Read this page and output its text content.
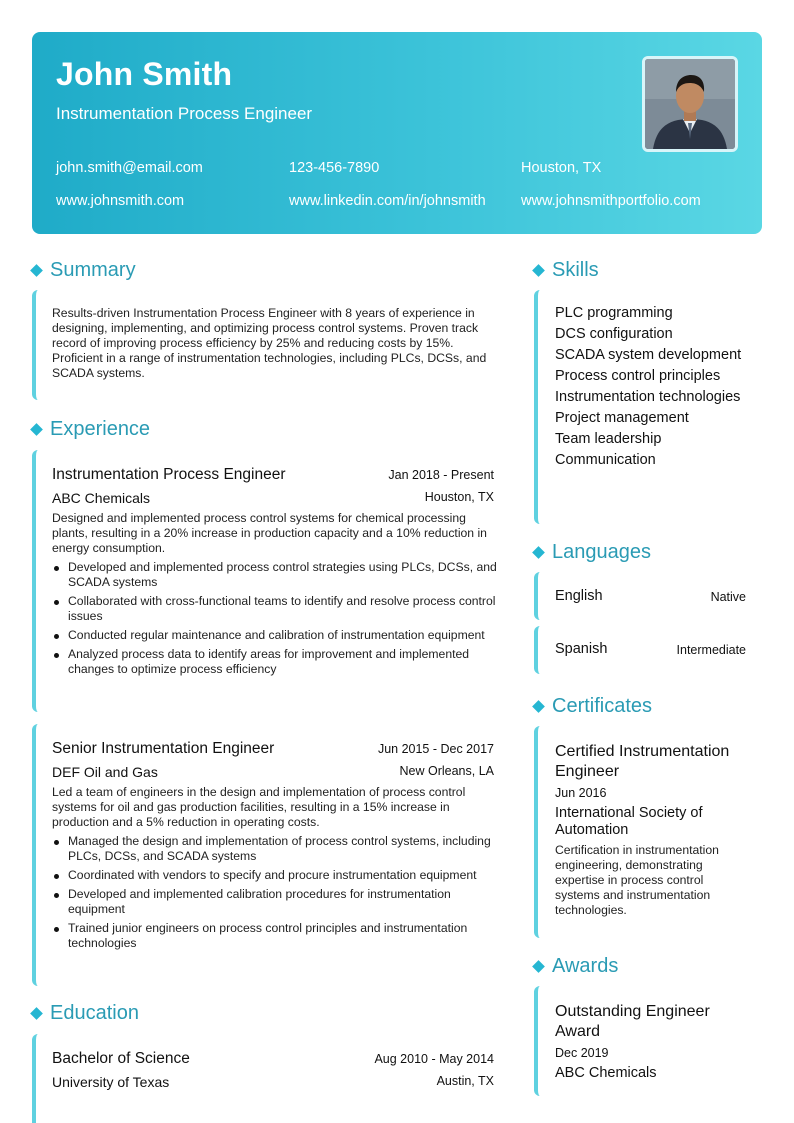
John Smith
Instrumentation Process Engineer
john.smith@email.com	123-456-7890	Houston, TX
www.johnsmith.com	www.linkedin.com/in/johnsmith www.johnsmithportfolio.com
Summary
Results-driven Instrumentation Process Engineer with 8 years of experience in designing, implementing, and optimizing process control systems. Proven track record of improving process efficiency by 25% and reducing costs by 15%. Proficient in a range of instrumentation technologies, including PLCs, DCSs, and SCADA systems.
Experience
Instrumentation Process Engineer	Jan 2018 - Present
ABC Chemicals	Houston, TX
Designed and implemented process control systems for chemical processing plants, resulting in a 20% increase in production capacity and a 10% reduction in energy consumption.
Developed and implemented process control strategies using PLCs, DCSs, and SCADA systems
Collaborated with cross-functional teams to identify and resolve process control issues
Conducted regular maintenance and calibration of instrumentation equipment
Analyzed process data to identify areas for improvement and implemented changes to optimize process efficiency
Senior Instrumentation Engineer	Jun 2015 - Dec 2017
DEF Oil and Gas	New Orleans, LA
Led a team of engineers in the design and implementation of process control systems for oil and gas production facilities, resulting in a 15% increase in production and a 5% reduction in operating costs.
Managed the design and implementation of process control systems, including PLCs, DCSs, and SCADA systems
Coordinated with vendors to specify and procure instrumentation equipment
Developed and implemented calibration procedures for instrumentation equipment
Trained junior engineers on process control principles and instrumentation technologies
Education
Bachelor of Science	Aug 2010 - May 2014
University of Texas	Austin, TX
Skills
PLC programming
DCS configuration
SCADA system development
Process control principles
Instrumentation technologies
Project management
Team leadership
Communication
Languages
English	Native
Spanish	Intermediate
Certificates
Certified Instrumentation Engineer
Jun 2016
International Society of Automation
Certification in instrumentation engineering, demonstrating expertise in process control systems and instrumentation technologies.
Awards
Outstanding Engineer Award
Dec 2019
ABC Chemicals
